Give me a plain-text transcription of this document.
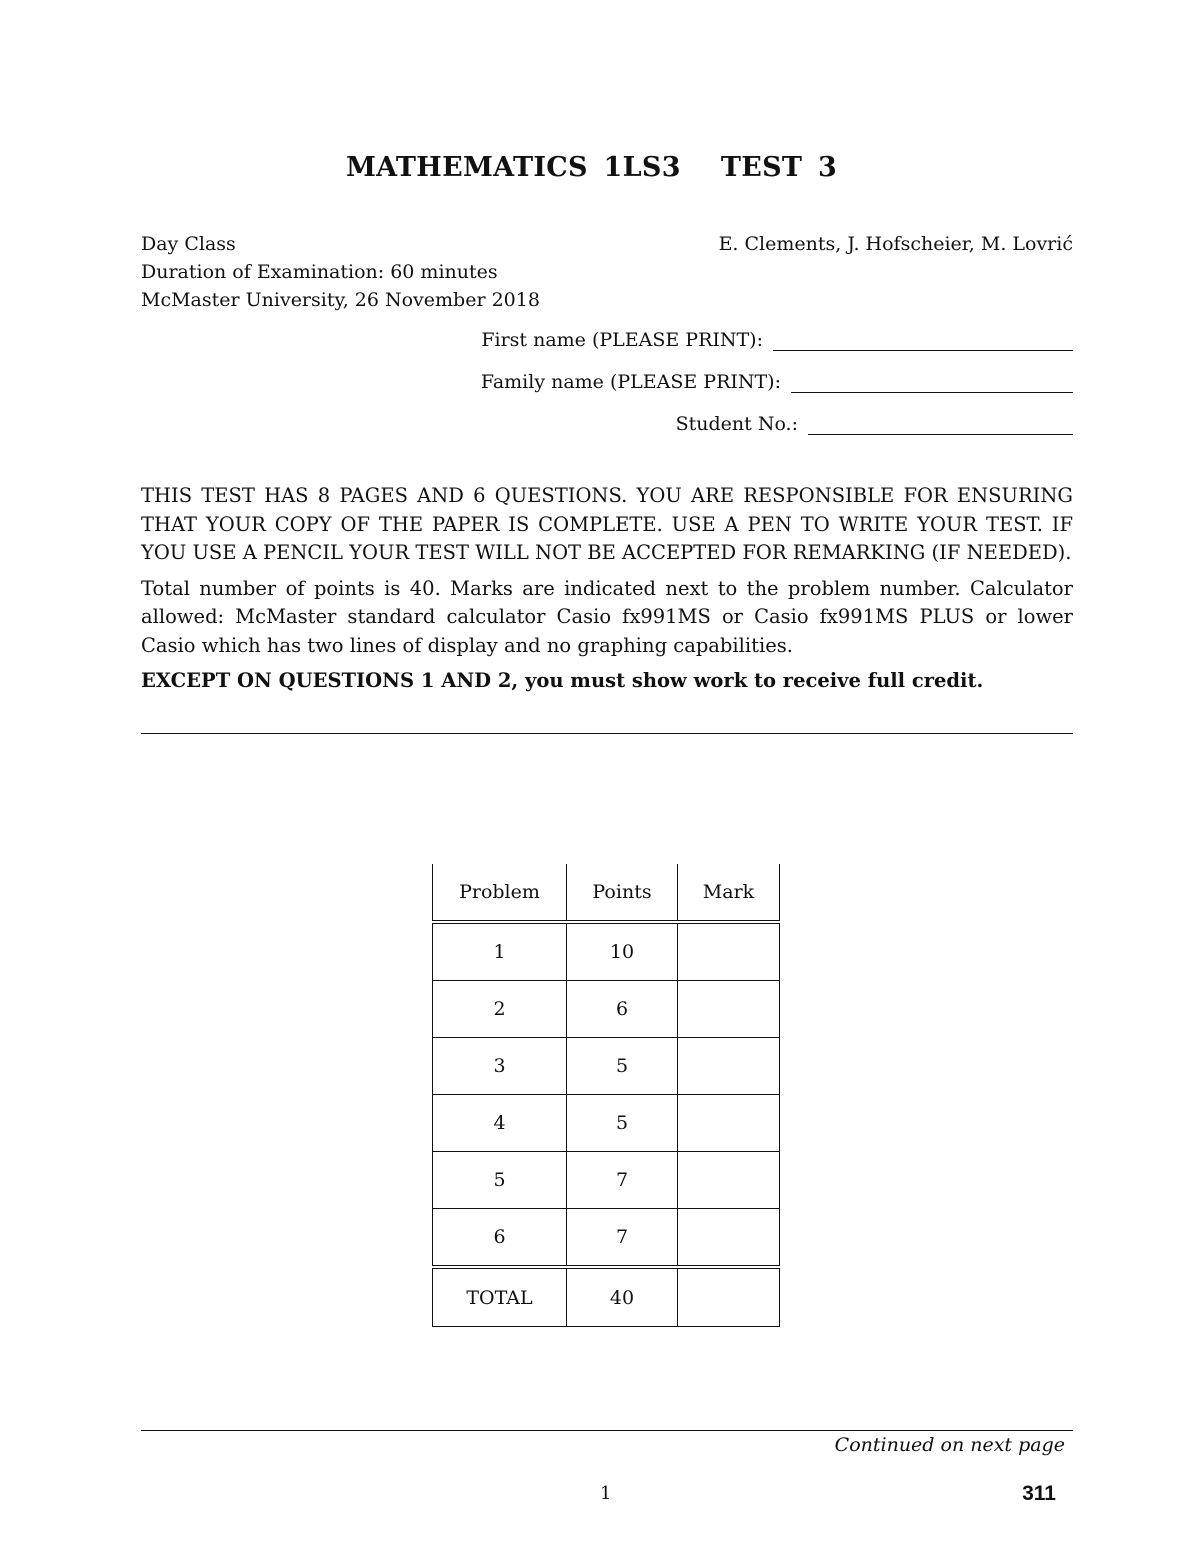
MATHEMATICS 1LS3 TEST 3
Day Class
Duration of Examination: 60 minutes
McMaster University, 26 November 2018
E. Clements, J. Hofscheier, M. Lovrić
First name (PLEASE PRINT):
Family name (PLEASE PRINT):
Student No.:

THIS TEST HAS 8 PAGES AND 6 QUESTIONS. YOU ARE RESPONSIBLE FOR ENSURING THAT YOUR COPY OF THE PAPER IS COMPLETE. USE A PEN TO WRITE YOUR TEST. IF YOU USE A PENCIL YOUR TEST WILL NOT BE ACCEPTED FOR REMARKING (IF NEEDED).

Total number of points is 40. Marks are indicated next to the problem number. Calculator allowed: McMaster standard calculator Casio fx991MS or Casio fx991MS PLUS or lower Casio which has two lines of display and no graphing capabilities.

EXCEPT ON QUESTIONS 1 AND 2, you must show work to receive full credit.

Problem	Points	Mark
1	10	
2	6	
3	5	
4	5	
5	7	
6	7	
TOTAL	40	
Continued on next page
1	311
